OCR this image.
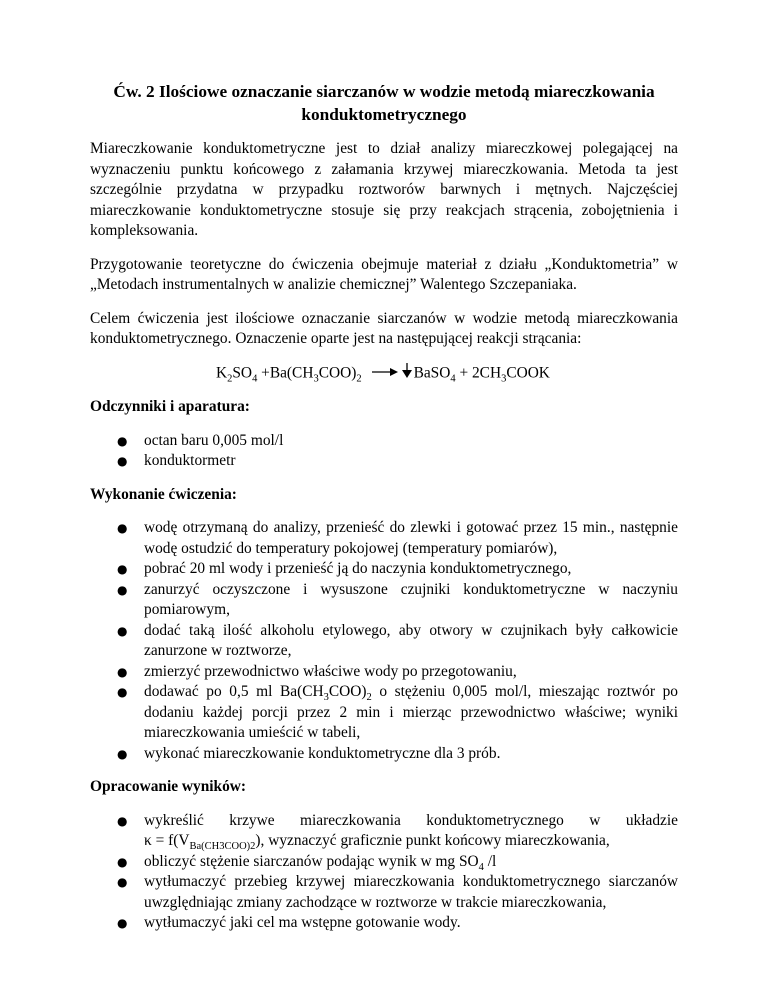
Ćw. 2 Ilościowe oznaczanie siarczanów w wodzie metodą miareczkowania
konduktometrycznego

Miareczkowanie konduktometryczne jest to dział analizy miareczkowej polegającej na wyznaczeniu punktu końcowego z załamania krzywej miareczkowania. Metoda ta jest szczególnie przydatna w przypadku roztworów barwnych i mętnych. Najczęściej miareczkowanie konduktometryczne stosuje się przy reakcjach strącenia, zobojętnienia i kompleksowania.

Przygotowanie teoretyczne do ćwiczenia obejmuje materiał z działu „Konduktometria” w „Metodach instrumentalnych w analizie chemicznej” Walentego Szczepaniaka.

Celem ćwiczenia jest ilościowe oznaczanie siarczanów w wodzie metodą miareczkowania konduktometrycznego. Oznaczenie oparte jest na następującej reakcji strącania:

$K_2SO_4 +Ba(CH_3COO)_2$	BaSO$_4$ + $2CH_3COOK$
Odczynniki i aparatura:
● octan baru 0,005 mol/l
● konduktormetr
Wykonanie ćwiczenia:
● wodę otrzymaną do analizy, przenieść do zlewki i gotować przez 15 min., następnie wodę ostudzić do temperatury pokojowej (temperatury pomiarów),
● pobrać 20 ml wody i przenieść ją do naczynia konduktometrycznego,
● zanurzyć oczyszczone i wysuszone czujniki konduktometryczne w naczyniu pomiarowym,
● dodać taką ilość alkoholu etylowego, aby otwory w czujnikach były całkowicie zanurzone w roztworze,
● zmierzyć przewodnictwo właściwe wody po przegotowaniu,
● dodawać po 0,5 ml $Ba(CH_3COO)_2$ o stężeniu 0,005 mol/l, mieszając roztwór po dodaniu każdej porcji przez 2 min i mierząc przewodnictwo właściwe; wyniki miareczkowania umieścić w tabeli,
● wykonać miareczkowanie konduktometryczne dla 3 prób.
Opracowanie wyników:
● wykreślić krzywe miareczkowania konduktometrycznego w układzie
$\kappa = f(V_{Ba(CH3COO)2})$, wyznaczyć graficznie punkt końcowy miareczkowania,
● obliczyć stężenie siarczanów podając wynik w mg $SO_4$ /l
● wytłumaczyć przebieg krzywej miareczkowania konduktometrycznego siarczanów uwzględniając zmiany zachodzące w roztworze w trakcie miareczkowania,
● wytłumaczyć jaki cel ma wstępne gotowanie wody.
